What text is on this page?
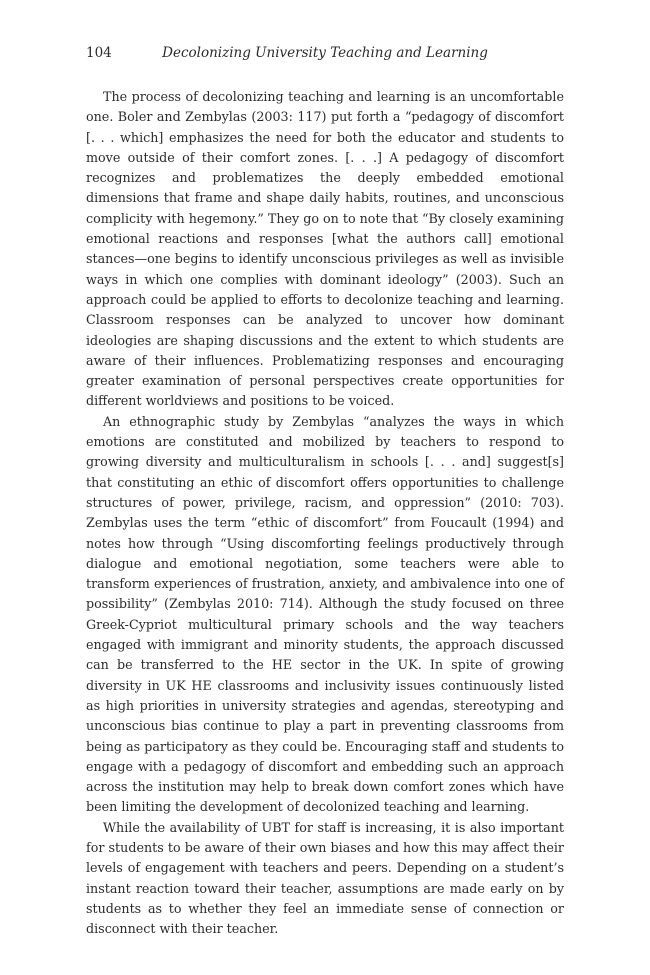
104	Decolonizing University Teaching and Learning

The process of decolonizing teaching and learning is an uncomfortable one. Boler and Zembylas (2003: 117) put forth a “pedagogy of discomfort [. . . which] emphasizes the need for both the educator and students to move outside of their comfort zones. [. . .] A pedagogy of discomfort recognizes and problematizes the deeply embedded emotional dimensions that frame and shape daily habits, routines, and unconscious complicity with hegemony.” They go on to note that “By closely examining emotional reactions and responses [what the authors call] emotional stances—one begins to identify unconscious privileges as well as invisible ways in which one complies with dominant ideology” (2003). Such an approach could be applied to efforts to decolonize teaching and learning. Classroom responses can be analyzed to uncover how dominant ideologies are shaping discussions and the extent to which students are aware of their influences. Problematizing responses and encouraging greater examination of personal perspectives create opportunities for different worldviews and positions to be voiced.

An ethnographic study by Zembylas “analyzes the ways in which emotions are constituted and mobilized by teachers to respond to growing diversity and multiculturalism in schools [. . . and] suggest[s] that constituting an ethic of discomfort offers opportunities to challenge structures of power, privilege, racism, and oppression” (2010: 703). Zembylas uses the term “ethic of discomfort” from Foucault (1994) and notes how through “Using discomforting feelings productively through dialogue and emotional negotiation, some teachers were able to transform experiences of frustration, anxiety, and ambivalence into one of possibility” (Zembylas 2010: 714). Although the study focused on three Greek-Cypriot multicultural primary schools and the way teachers engaged with immigrant and minority students, the approach discussed can be transferred to the HE sector in the UK. In spite of growing diversity in UK HE classrooms and inclusivity issues continuously listed as high priorities in university strategies and agendas, stereotyping and unconscious bias continue to play a part in preventing classrooms from being as participatory as they could be. Encouraging staff and students to engage with a pedagogy of discomfort and embedding such an approach across the institution may help to break down comfort zones which have been limiting the development of decolonized teaching and learning.

While the availability of UBT for staff is increasing, it is also important for students to be aware of their own biases and how this may affect their levels of engagement with teachers and peers. Depending on a student’s instant reaction toward their teacher, assumptions are made early on by students as to whether they feel an immediate sense of connection or disconnect with their teacher.
